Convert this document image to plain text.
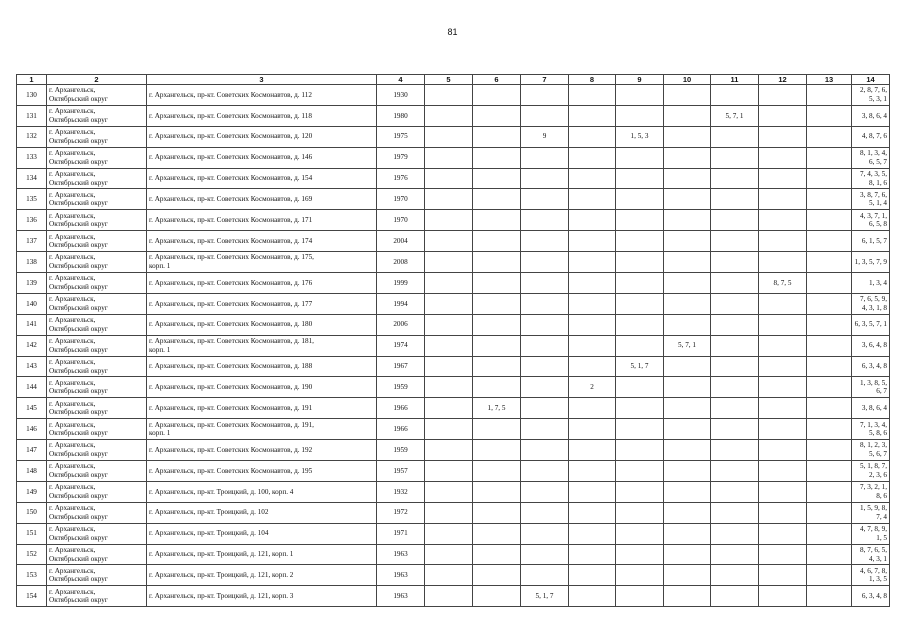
81
1	2	3	4	5	6	7	8	9	10	11	12	13	14
130	г. Архангельск,
Октябрьский округ	г. Архангельск, пр-кт. Советских Космонавтов, д. 112	1930										2, 8, 7, 6, 5, 3, 1
131	г. Архангельск,
Октябрьский округ	г. Архангельск, пр-кт. Советских Космонавтов, д. 118	1980							5, 7, 1			3, 8, 6, 4
132	г. Архангельск,
Октябрьский округ	г. Архангельск, пр-кт. Советских Космонавтов, д. 120	1975			9		1, 5, 3					4, 8, 7, 6
133	г. Архангельск,
Октябрьский округ	г. Архангельск, пр-кт. Советских Космонавтов, д. 146	1979										8, 1, 3, 4, 6, 5, 7
134	г. Архангельск,
Октябрьский округ	г. Архангельск, пр-кт. Советских Космонавтов, д. 154	1976										7, 4, 3, 5, 8, 1, 6
135	г. Архангельск,
Октябрьский округ	г. Архангельск, пр-кт. Советских Космонавтов, д. 169	1970										3, 8, 7, 6, 5, 1, 4
136	г. Архангельск,
Октябрьский округ	г. Архангельск, пр-кт. Советских Космонавтов, д. 171	1970										4, 3, 7, 1, 6, 5, 8
137	г. Архангельск,
Октябрьский округ	г. Архангельск, пр-кт. Советских Космонавтов, д. 174	2004										6, 1, 5, 7
138	г. Архангельск,
Октябрьский округ	г. Архангельск, пр-кт. Советских Космонавтов, д. 175,
корп. 1	2008										1, 3, 5, 7, 9
139	г. Архангельск,
Октябрьский округ	г. Архангельск, пр-кт. Советских Космонавтов, д. 176	1999								8, 7, 5		1, 3, 4
140	г. Архангельск,
Октябрьский округ	г. Архангельск, пр-кт. Советских Космонавтов, д. 177	1994										7, 6, 5, 9, 4, 3, 1, 8
141	г. Архангельск,
Октябрьский округ	г. Архангельск, пр-кт. Советских Космонавтов, д. 180	2006										6, 3, 5, 7, 1
142	г. Архангельск,
Октябрьский округ	г. Архангельск, пр-кт. Советских Космонавтов, д. 181,
корп. 1	1974						5, 7, 1				3, 6, 4, 8
143	г. Архангельск,
Октябрьский округ	г. Архангельск, пр-кт. Советских Космонавтов, д. 188	1967					5, 1, 7					6, 3, 4, 8
144	г. Архангельск,
Октябрьский округ	г. Архангельск, пр-кт. Советских Космонавтов, д. 190	1959				2						1, 3, 8, 5, 6, 7
145	г. Архангельск,
Октябрьский округ	г. Архангельск, пр-кт. Советских Космонавтов, д. 191	1966		1, 7, 5								3, 8, 6, 4
146	г. Архангельск,
Октябрьский округ	г. Архангельск, пр-кт. Советских Космонавтов, д. 191,
корп. 1	1966										7, 1, 3, 4, 5, 8, 6
147	г. Архангельск,
Октябрьский округ	г. Архангельск, пр-кт. Советских Космонавтов, д. 192	1959										8, 1, 2, 3, 5, 6, 7
148	г. Архангельск,
Октябрьский округ	г. Архангельск, пр-кт. Советских Космонавтов, д. 195	1957										5, 1, 8, 7, 2, 3, 6
149	г. Архангельск,
Октябрьский округ	г. Архангельск, пр-кт. Троицкий, д. 100, корп. 4	1932										7, 3, 2, 1, 8, 6
150	г. Архангельск,
Октябрьский округ	г. Архангельск, пр-кт. Троицкий, д. 102	1972										1, 5, 9, 8, 7, 4
151	г. Архангельск,
Октябрьский округ	г. Архангельск, пр-кт. Троицкий, д. 104	1971										4, 7, 8, 9, 1, 5
152	г. Архангельск,
Октябрьский округ	г. Архангельск, пр-кт. Троицкий, д. 121, корп. 1	1963										8, 7, 6, 5, 4, 3, 1
153	г. Архангельск,
Октябрьский округ	г. Архангельск, пр-кт. Троицкий, д. 121, корп. 2	1963										4, 6, 7, 8, 1, 3, 5
154	г. Архангельск,
Октябрьский округ	г. Архангельск, пр-кт. Троицкий, д. 121, корп. 3	1963			5, 1, 7							6, 3, 4, 8
